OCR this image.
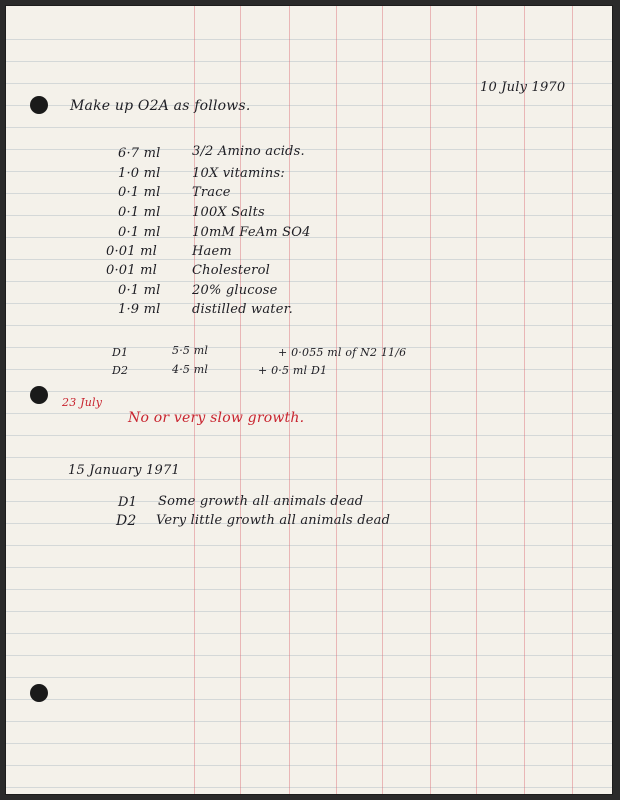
10 July 1970
Make up O2A as follows.
6·7 ml 3/2 Amino acids.
1·0 ml 10X vitamins:
0·1 ml Trace
0·1 ml 100X Salts
0·1 ml 10mM FeAm SO4
0·01 ml	Haem
0·01 ml	Cholesterol
0·1 ml 20% glucose
1·9 ml distilled water.
D1	5·5 ml	+ 0·055 ml of N2 11/6
D2	4·5 ml	+ 0·5 ml D1
23 July
No or very slow growth.
15 January 1971
D1 Some growth all animals dead
D2 Very little growth all animals dead
